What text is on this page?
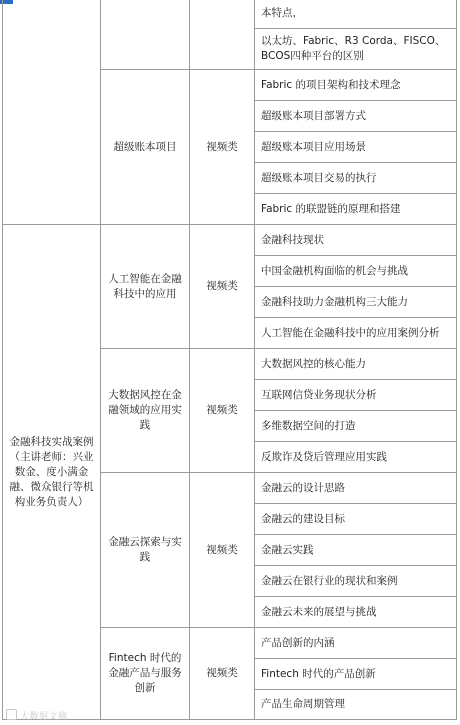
			本特点，
			以太坊、Fabric、R3 Corda、FISCO、BCOS四种平台的区别
	超级账本项目	视频类	Fabric 的项目架构和技术理念
			超级账本项目部署方式
			超级账本项目应用场景
			超级账本项目交易的执行
			Fabric 的联盟链的原理和搭建
金融科技实战案例（主讲老师：兴业数金、度小满金融、微众银行等机构业务负责人）	人工智能在金融科技中的应用	视频类	金融科技现状
			中国金融机构面临的机会与挑战
			金融科技助力金融机构三大能力
			人工智能在金融科技中的应用案例分析
	大数据风控在金融领域的应用实践	视频类	大数据风控的核心能力
			互联网信贷业务现状分析
			多维数据空间的打造
			反欺诈及贷后管理应用实践
	金融云探索与实践	视频类	金融云的设计思路
			金融云的建设目标
			金融云实践
			金融云在银行业的现状和案例
			金融云未来的展望与挑战
	Fintech 时代的金融产品与服务创新	视频类	产品创新的内涵
			Fintech 时代的产品创新
			产品生命周期管理
大数据文摘
